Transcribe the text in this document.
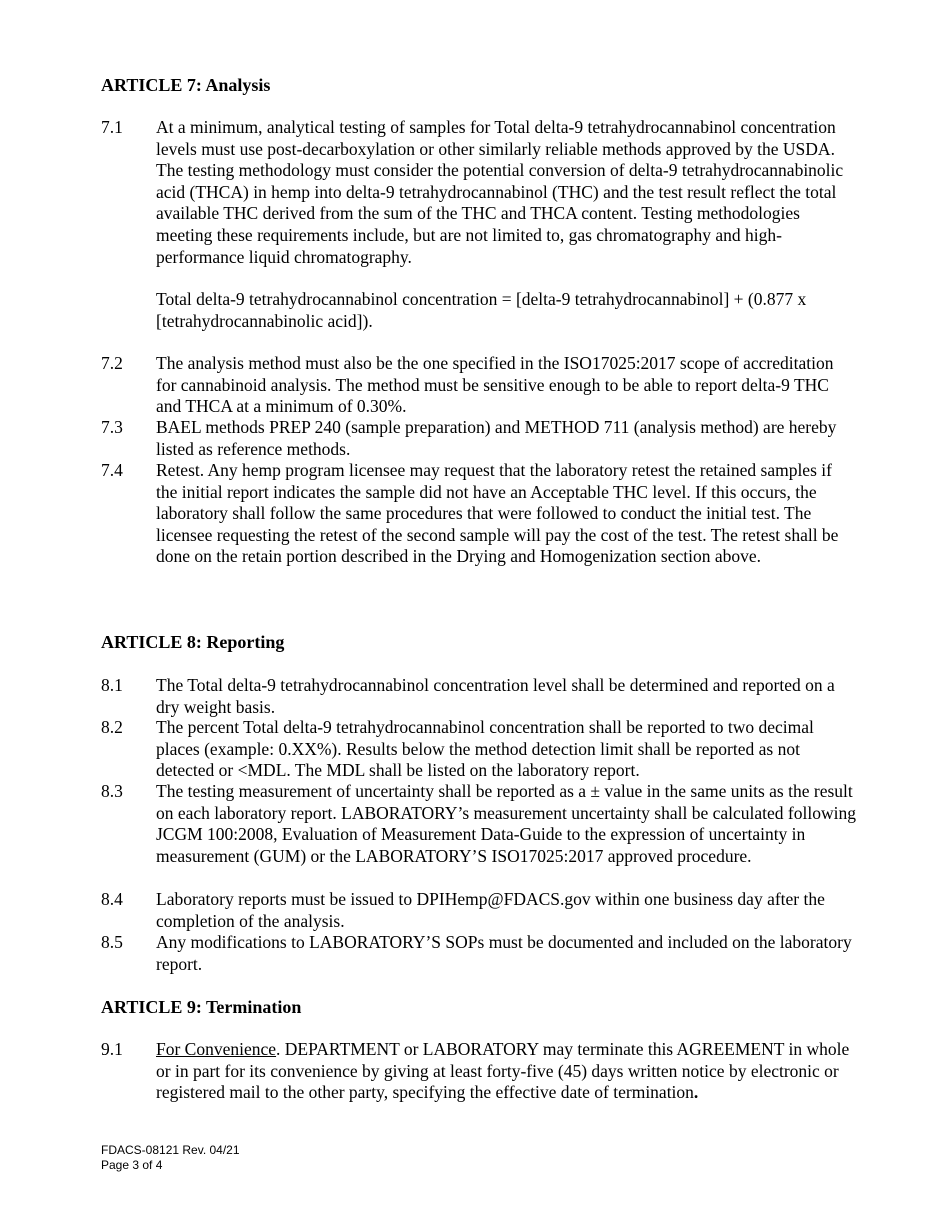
ARTICLE 7: Analysis
7.1 At a minimum, analytical testing of samples for Total delta-9 tetrahydrocannabinol concentration levels must use post-decarboxylation or other similarly reliable methods approved by the USDA. The testing methodology must consider the potential conversion of delta-9 tetrahydrocannabinolic acid (THCA) in hemp into delta-9 tetrahydrocannabinol (THC) and the test result reflect the total available THC derived from the sum of the THC and THCA content. Testing methodologies meeting these requirements include, but are not limited to, gas chromatography and high-performance liquid chromatography.
Total delta-9 tetrahydrocannabinol concentration = [delta-9 tetrahydrocannabinol] + (0.877 x [tetrahydrocannabinolic acid]).
7.2 The analysis method must also be the one specified in the ISO17025:2017 scope of accreditation for cannabinoid analysis. The method must be sensitive enough to be able to report delta-9 THC and THCA at a minimum of 0.30%.
7.3 BAEL methods PREP 240 (sample preparation) and METHOD 711 (analysis method) are hereby listed as reference methods.
7.4 Retest. Any hemp program licensee may request that the laboratory retest the retained samples if the initial report indicates the sample did not have an Acceptable THC level. If this occurs, the laboratory shall follow the same procedures that were followed to conduct the initial test. The licensee requesting the retest of the second sample will pay the cost of the test. The retest shall be done on the retain portion described in the Drying and Homogenization section above.
ARTICLE 8: Reporting
8.1 The Total delta-9 tetrahydrocannabinol concentration level shall be determined and reported on a dry weight basis.
8.2 The percent Total delta-9 tetrahydrocannabinol concentration shall be reported to two decimal places (example: 0.XX%). Results below the method detection limit shall be reported as not detected or <MDL. The MDL shall be listed on the laboratory report.
8.3 The testing measurement of uncertainty shall be reported as a ± value in the same units as the result on each laboratory report. LABORATORY’s measurement uncertainty shall be calculated following JCGM 100:2008, Evaluation of Measurement Data-Guide to the expression of uncertainty in measurement (GUM) or the LABORATORY’S ISO17025:2017 approved procedure.
8.4 Laboratory reports must be issued to DPIHemp@FDACS.gov within one business day after the completion of the analysis.
8.5 Any modifications to LABORATORY’S SOPs must be documented and included on the laboratory report.
ARTICLE 9: Termination
9.1 For Convenience. DEPARTMENT or LABORATORY may terminate this AGREEMENT in whole or in part for its convenience by giving at least forty-five (45) days written notice by electronic or registered mail to the other party, specifying the effective date of termination.
FDACS-08121 Rev. 04/21
Page 3 of 4
